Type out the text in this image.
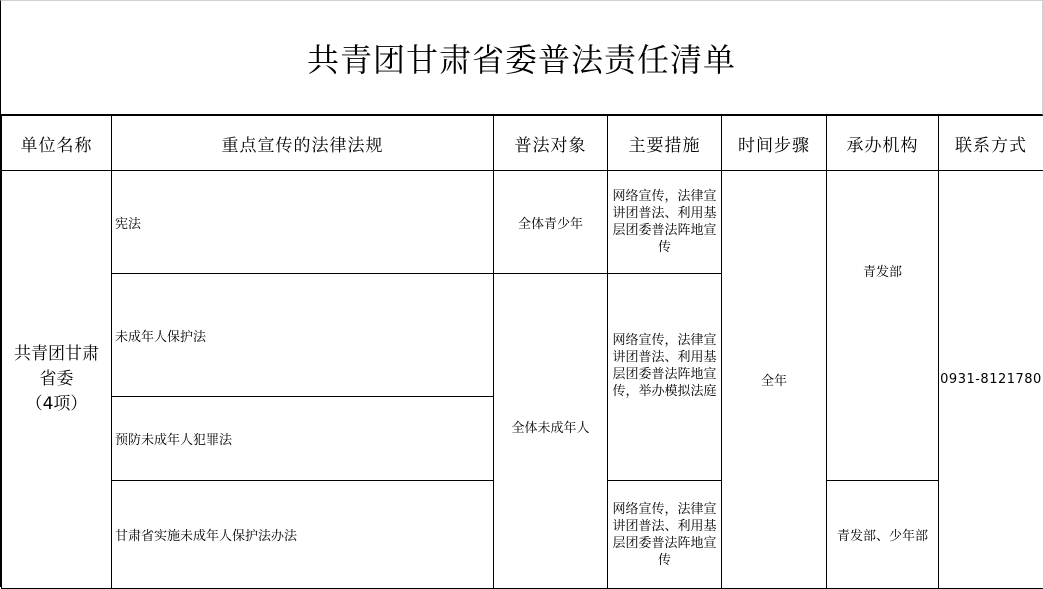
共青团甘肃省委普法责任清单
单位名称	重点宣传的法律法规	普法对象	主要措施	时间步骤	承办机构	联系方式

共青团甘肃
省委
（4项）	宪法	全体青少年	网络宣传，法律宣讲团普法、利用基层团委普法阵地宣传	全年	青发部	0931-8121780
	未成年人保护法	全体未成年人	网络宣传，法律宣讲团普法、利用基层团委普法阵地宣传，举办模拟法庭			

	预防未成年人犯罪法					
	甘肃省实施未成年人保护法办法		网络宣传，法律宣讲团普法、利用基层团委普法阵地宣传		青发部、少年部	
